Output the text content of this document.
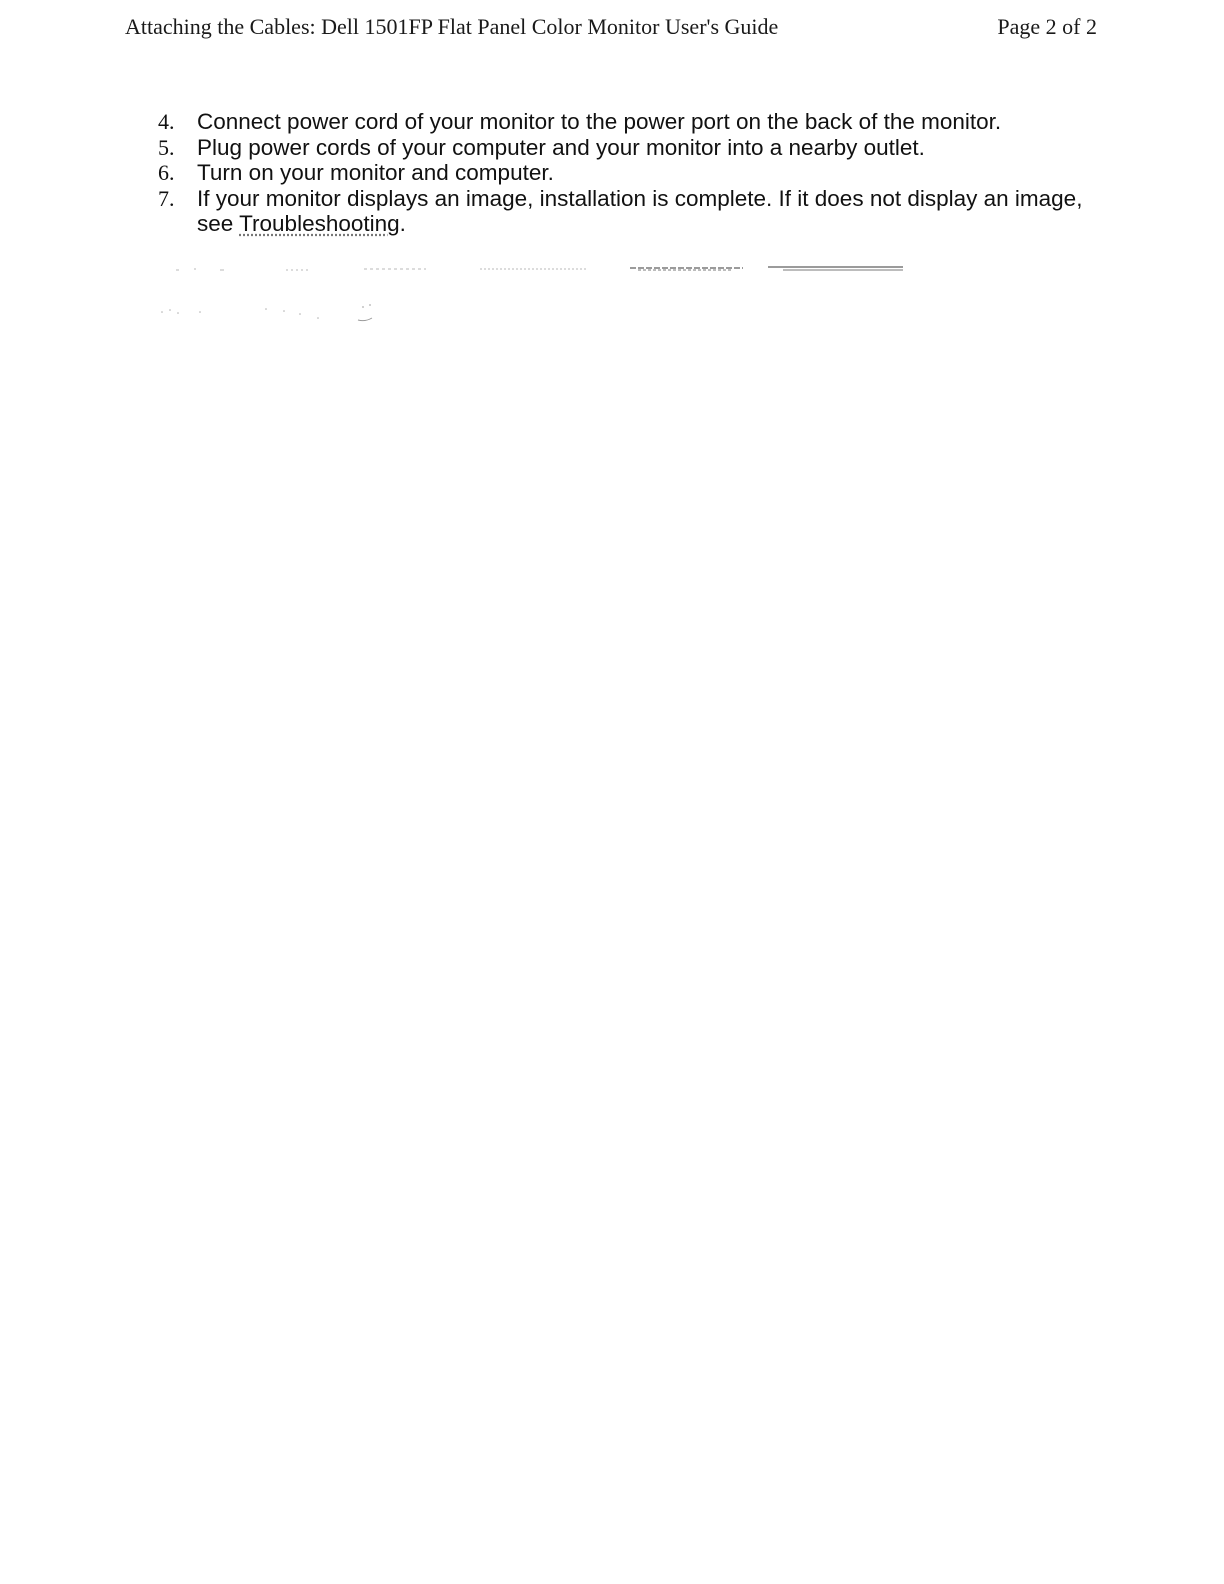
Attaching the Cables: Dell 1501FP Flat Panel Color Monitor User's Guide	Page 2 of 2
4.	Connect power cord of your monitor to the power port on the back of the monitor.
5.	Plug power cords of your computer and your monitor into a nearby outlet.
6.	Turn on your monitor and computer.
7.	If your monitor displays an image, installation is complete. If it does not display an image, see Troubleshooting.
